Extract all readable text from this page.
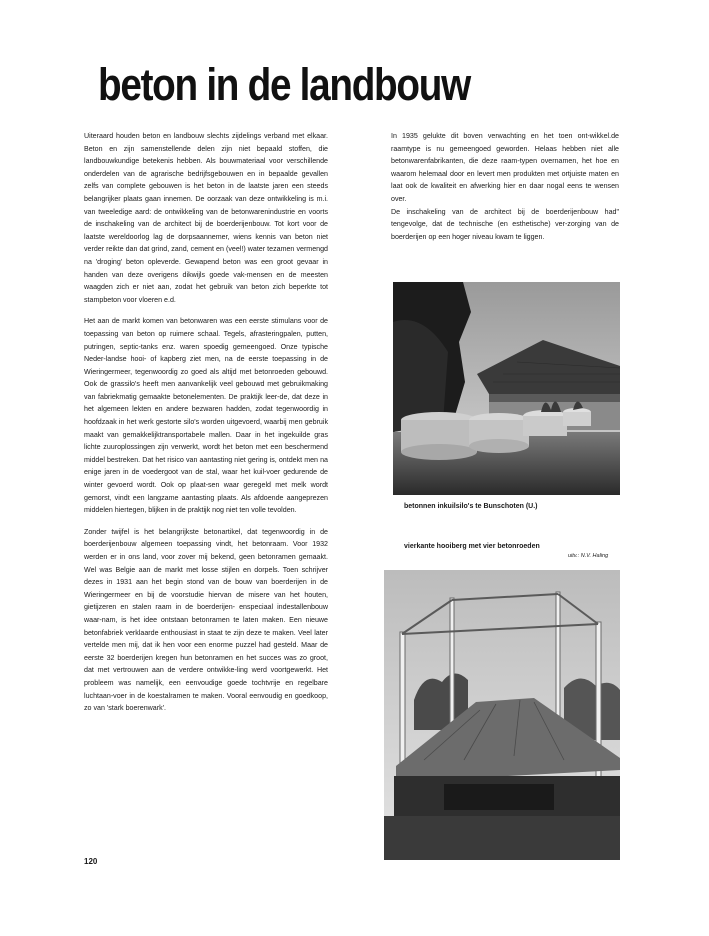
beton in de landbouw

Uiteraard houden beton en landbouw slechts zijdelings verband met elkaar. Beton en zijn samenstellende delen zijn niet bepaald stoffen, die landbouwkundige betekenis hebben. Als bouwmateriaal voor verschillende onderdelen van de agrarische bedrijfsgebouwen en in bepaalde gevallen zelfs van complete gebouwen is het beton in de laatste jaren een steeds belangrijker plaats gaan innemen. De oorzaak van deze ontwikkeling is m.i. van tweeledige aard: de ontwikkeling van de betonwarenindustrie en voorts de inschakeling van de architect bij de boerderijenbouw. Tot kort voor de laatste wereldoorlog lag de dorpsaannemer, wiens kennis van beton niet verder reikte dan dat grind, zand, cement en (veel!) water tezamen vermengd na 'droging' beton opleverde. Gewapend beton was een groot gevaar in handen van deze overigens dikwijls goede vak-mensen en de meesten waagden zich er niet aan, zodat het gebruik van beton zich beperkte tot stampbeton voor vloeren e.d.

Het aan de markt komen van betonwaren was een eerste stimulans voor de toepassing van beton op ruimere schaal. Tegels, afrasteringpalen, putten, putringen, septic-tanks enz. waren spoedig gemeengoed. Onze typische Neder-landse hooi- of kapberg ziet men, na de eerste toepassing in de Wieringermeer, tegenwoordig zo goed als altijd met betonroeden gebouwd. Ook de grassilo's heeft men aanvankelijk veel gebouwd met gebruikmaking van fabriekmatig gemaakte betonelementen. De praktijk leer-de, dat deze in het algemeen lekten en andere bezwaren hadden, zodat tegenwoordig in hoofdzaak in het werk gestorte silo's worden uitgevoerd, waarbij men gebruik maakt van gemakkelijktransportabele mallen. Daar in het ingekuilde gras lichte zuuroplossingen zijn verwerkt, wordt het beton met een beschermend middel bestreken. Dat het risico van aantasting niet gering is, ontdekt men na enige jaren in de voedergoot van de stal, waar het kuil-voer gedurende de winter gevoerd wordt. Ook op plaat-sen waar geregeld met melk wordt gemorst, vindt een langzame aantasting plaats. Als afdoende aangeprezen middelen hiertegen, blijken in de praktijk nog niet ten volle tevolden.

Zonder twijfel is het belangrijkste betonartikel, dat tegenwoordig in de boerderijenbouw algemeen toepassing vindt, het betonraam. Voor 1932 werden er in ons land, voor zover mij bekend, geen betonramen gemaakt. Wel was Belgie aan de markt met losse stijlen en dorpels. Toen schrijver dezes in 1931 aan het begin stond van de bouw van boerderijen in de Wieringermeer en bij de voorstudie hiervan de misere van het houten, gietijzeren en stalen raam in de boerderijen- enspeciaal indestallenbouw waar-nam, is het idee ontstaan betonramen te laten maken. Een nieuwe betonfabriek verklaarde enthousiast in staat te zijn deze te maken. Veel later vertelde men mij, dat ik hen voor een enorme puzzel had gesteld. Maar de eerste 32 boerderijen kregen hun betonramen en het succes was zo groot, dat met vertrouwen aan de verdere ontwikke-ling werd voortgewerkt. Het probleem was namelijk, een eenvoudige goede tochtvrije en regelbare luchtaan-voer in de koestalramen te maken. Vooral eenvoudig en goedkoop, zo van 'stark boerenwark'.

In 1935 gelukte dit boven verwachting en het toen ont-wikkel.de raamtype is nu gemeengoed geworden. Helaas hebben niet alle betonwarenfabrikanten, die deze raam-typen overnamen, het hoe en waarom helemaal door en levert men produkten met ortjuiste maten en laat ook de kwaliteit en afwerking hier en daar nogal eens te wensen over.

De inschakeling van de architect bij de boerderijenbouw had" tengevolge, dat de technische (en esthetische) ver-zorging van de boerderijen op een hoger niveau kwam te liggen.

betonnen inkuilsilo's te Bunschoten (U.)
vierkante hooiberg met vier betonroeden
uitv.: N.V. Haling
120
